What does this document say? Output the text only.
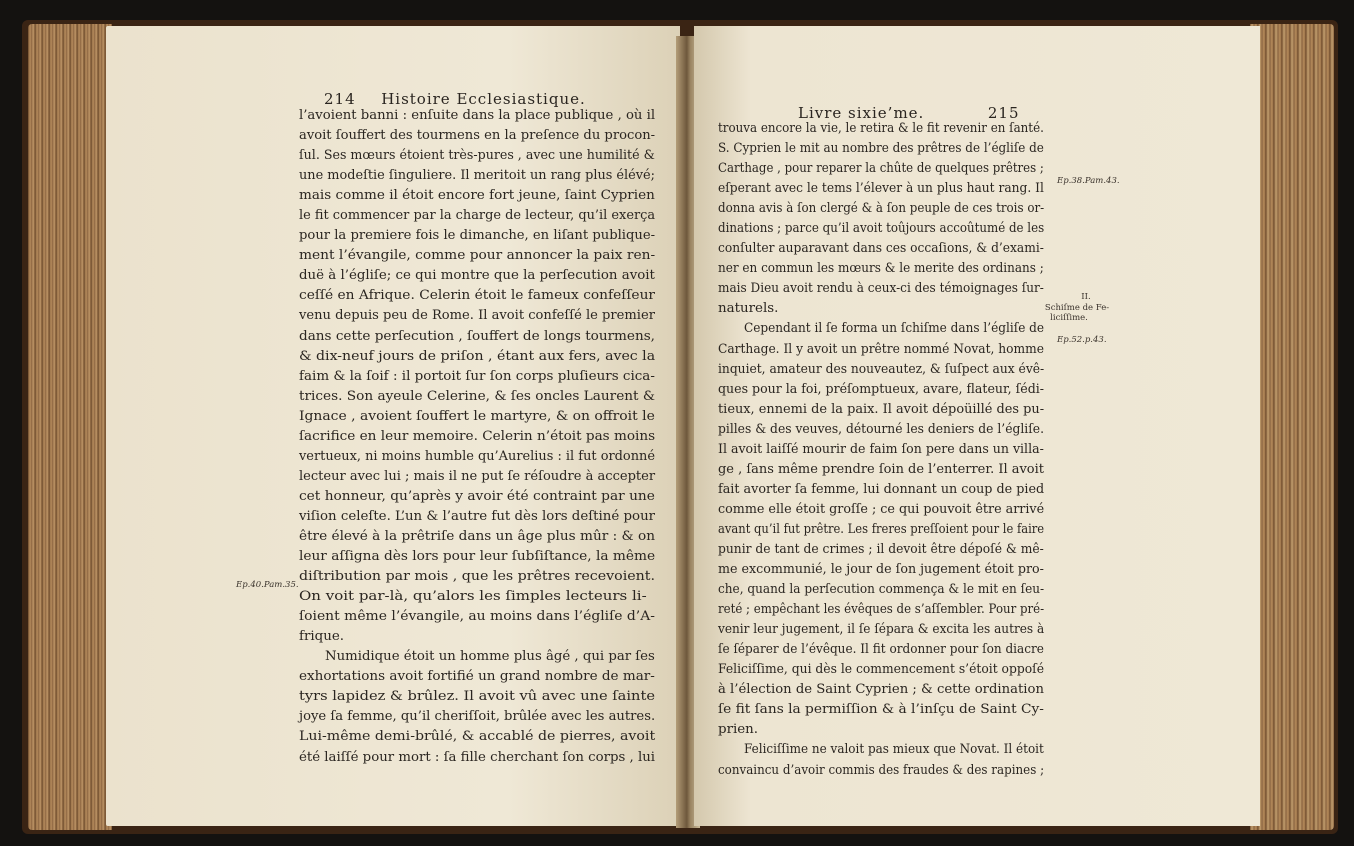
214 Histoire Ecclesiastique.
l’avoient banni : enſuite dans la place publique , où il
avoit ſouffert des tourmens en la preſence du procon-
ſul. Ses mœurs étoient très-pures , avec une humilité &
une modeſtie ſinguliere. Il meritoit un rang plus élévé;
mais comme il étoit encore fort jeune, ſaint Cyprien
le fit commencer par la charge de lecteur, qu’il exerça
pour la premiere fois le dimanche, en liſant publique-
ment l’évangile, comme pour annoncer la paix ren-
duë à l’égliſe; ce qui montre que la perſecution avoit
ceſſé en Afrique. Celerin étoit le fameux confeſſeur
venu depuis peu de Rome. Il avoit confeſſé le premier
dans cette perſecution , ſouffert de longs tourmens,
& dix-neuf jours de priſon , étant aux fers, avec la
faim & la ſoif : il portoit ſur ſon corps pluſieurs cica-
trices. Son ayeule Celerine, & ſes oncles Laurent &
Ignace , avoient ſouffert le martyre, & on offroit le
ſacrifice en leur memoire. Celerin n’étoit pas moins
vertueux, ni moins humble qu’Aurelius : il fut ordonné
lecteur avec lui ; mais il ne put ſe réſoudre à accepter
cet honneur, qu’après y avoir été contraint par une
viſion celeſte. L’un & l’autre fut dès lors deſtiné pour
être élevé à la prêtriſe dans un âge plus mûr : & on
leur aſſigna dès lors pour leur ſubſiſtance, la même
diſtribution par mois , que les prêtres recevoient.
On voit par-là, qu’alors les ſimples lecteurs li-
ſoient même l’évangile, au moins dans l’égliſe d’A-
frique.
Numidique étoit un homme plus âgé , qui par ſes
exhortations avoit fortifié un grand nombre de mar-
tyrs lapidez & brûlez. Il avoit vû avec une ſainte
joye ſa femme, qu’il cheriſſoit, brûlée avec les autres.
Lui-même demi-brûlé, & accablé de pierres, avoit
été laiſſé pour mort : ſa fille cherchant ſon corps , lui
Ep.40.Pam.35.
Livre sixie’me.	215
trouva encore la vie, le retira & le fit revenir en ſanté.
S. Cyprien le mit au nombre des prêtres de l’égliſe de
Carthage , pour reparer la chûte de quelques prêtres ;
eſperant avec le tems l’élever à un plus haut rang. Il
donna avis à ſon clergé & à ſon peuple de ces trois or-
dinations ; parce qu’il avoit toûjours accoûtumé de les
conſulter auparavant dans ces occaſions, & d’exami-
ner en commun les mœurs & le merite des ordinans ;
mais Dieu avoit rendu à ceux-ci des témoignages ſur-
naturels.
Cependant il ſe forma un ſchiſme dans l’égliſe de
Carthage. Il y avoit un prêtre nommé Novat, homme
inquiet, amateur des nouveautez, & ſuſpect aux évê-
ques pour la foi, préſomptueux, avare, flateur, ſédi-
tieux, ennemi de la paix. Il avoit dépoüillé des pu-
pilles & des veuves, détourné les deniers de l’égliſe.
Il avoit laiſſé mourir de faim ſon pere dans un villa-
ge , ſans même prendre ſoin de l’enterrer. Il avoit
fait avorter ſa femme, lui donnant un coup de pied
comme elle étoit groſſe ; ce qui pouvoit être arrivé
avant qu’il fut prêtre. Les freres preſſoient pour le faire
punir de tant de crimes ; il devoit être dépoſé & mê-
me excommunié, le jour de ſon jugement étoit pro-
che, quand la perſecution commença & le mit en ſeu-
reté ; empêchant les évêques de s’aſſembler. Pour pré-
venir leur jugement, il ſe ſépara & excita les autres à
ſe ſéparer de l’évêque. Il fit ordonner pour ſon diacre
Feliciſſime, qui dès le commencement s’étoit oppoſé
à l’élection de Saint Cyprien ; & cette ordination
ſe fit ſans la permiſſion & à l’inſçu de Saint Cy-
prien.
Feliciſſime ne valoit pas mieux que Novat. Il étoit
convaincu d’avoir commis des fraudes & des rapines ;
Ep.38.Pam.43.
II.
Schiſme de Fe-
liciſſime.
Ep.52.p.43.
